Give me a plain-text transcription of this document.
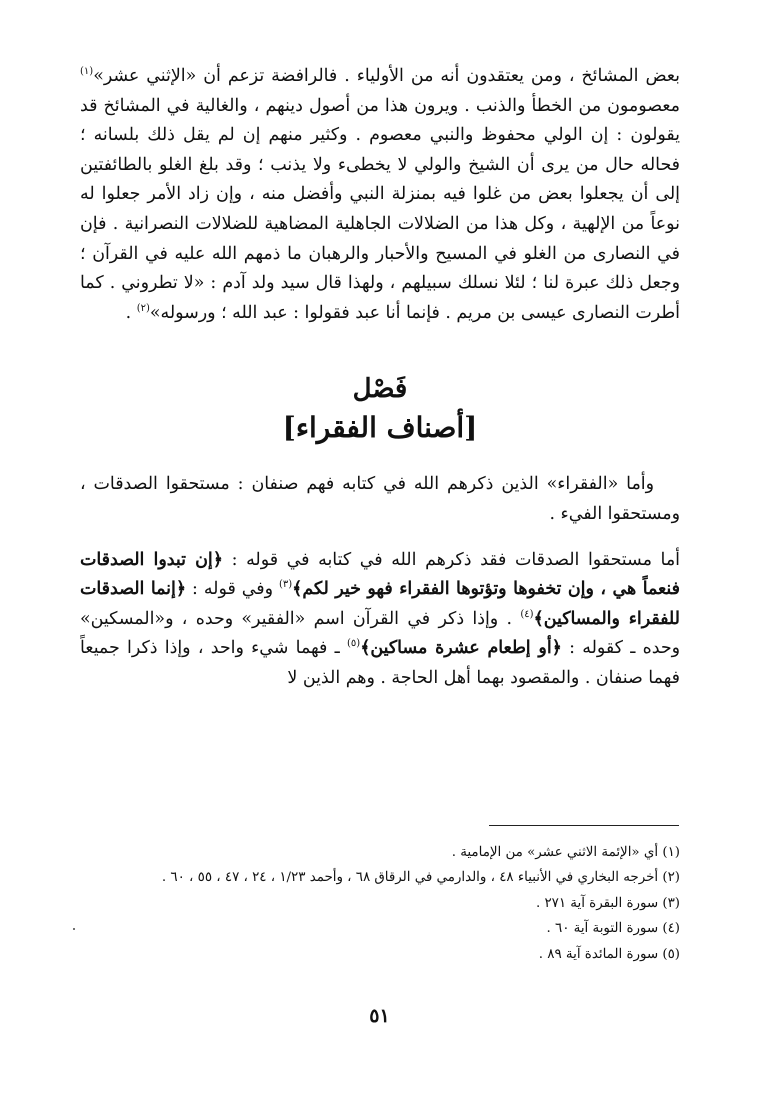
بعض المشائخ ، ومن يعتقدون أنه من الأولياء . فالرافضة تزعم أن «الإثني عشر»$^{(١)}$ معصومون من الخطأ والذنب . ويرون هذا من أصول دينهم ، والغالية في المشائخ قد يقولون : إن الولي محفوظ والنبي معصوم . وكثير منهم إن لم يقل ذلك بلسانه ؛ فحاله حال من يرى أن الشيخ والولي لا يخطىء ولا يذنب ؛ وقد بلغ الغلو بالطائفتين إلى أن يجعلوا بعض من غلوا فيه بمنزلة النبي وأفضل منه ، وإن زاد الأمر جعلوا له نوعاً من الإلهية ، وكل هذا من الضلالات الجاهلية المضاهية للضلالات النصرانية . فإن في النصارى من الغلو في المسيح والأحبار والرهبان ما ذمهم الله عليه في القرآن ؛ وجعل ذلك عبرة لنا ؛ لئلا نسلك سبيلهم ، ولهذا قال سيد ولد آدم : «لا تطروني . كما أطرت النصارى عيسى بن مريم . فإنما أنا عبد فقولوا : عبد الله ؛ ورسوله»$^{(٢)}$ .

فَصْل
[أصناف الفقراء]

وأما «الفقراء» الذين ذكرهم الله في كتابه فهم صنفان : مستحقوا الصدقات ، ومستحقوا الفيء .

أما مستحقوا الصدقات فقد ذكرهم الله في كتابه في قوله : ﴿إن تبدوا الصدقات فنعماً هي ، وإن تخفوها وتؤتوها الفقراء فهو خير لكم﴾$^{(٣)}$ وفي قوله : ﴿إنما الصدقات للفقراء والمساكين﴾$^{(٤)}$ . وإذا ذكر في القرآن اسم «الفقير» وحده ، و«المسكين» وحده ـ كقوله : ﴿أو إطعام عشرة مساكين﴾$^{(٥)}$ ـ فهما شيء واحد ، وإذا ذكرا جميعاً فهما صنفان . والمقصود بهما أهل الحاجة . وهم الذين لا

(١) أي «الإئمة الاثني عشر» من الإمامية .
(٢) أخرجه البخاري في الأنبياء ٤٨ ، والدارمي في الرقاق ٦٨ ، وأحمد ١/٢٣ ، ٢٤ ، ٤٧ ، ٥٥ ، ٦٠ .
(٣) سورة البقرة آية ٢٧١ .
(٤) سورة التوبة آية ٦٠ .
(٥) سورة المائدة آية ٨٩ .
٥١
